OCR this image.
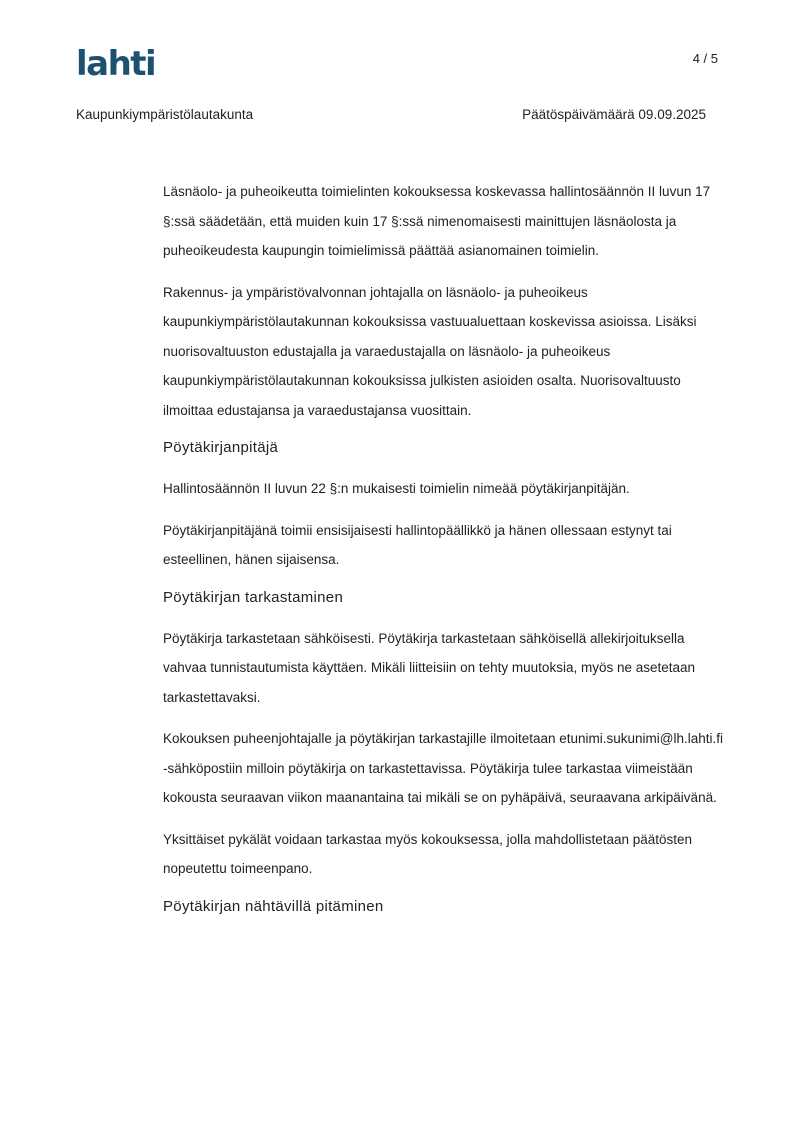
lahti	4 / 5
Kaupunkiympäristölautakunta	Päätöspäivämäärä 09.09.2025

Läsnäolo- ja puheoikeutta toimielinten kokouksessa koskevassa hallintosäännön II luvun 17 §:ssä säädetään, että muiden kuin 17 §:ssä nimenomaisesti mainittujen läsnäolosta ja puheoikeudesta kaupungin toimielimissä päättää asianomainen toimielin.

Rakennus- ja ympäristövalvonnan johtajalla on läsnäolo- ja puheoikeus kaupunkiympäristölautakunnan kokouksissa vastuualuettaan koskevissa asioissa. Lisäksi nuorisovaltuuston edustajalla ja varaedustajalla on läsnäolo- ja puheoikeus kaupunkiympäristölautakunnan kokouksissa julkisten asioiden osalta. Nuorisovaltuusto ilmoittaa edustajansa ja varaedustajansa vuosittain.

Pöytäkirjanpitäjä

Hallintosäännön II luvun 22 §:n mukaisesti toimielin nimeää pöytäkirjanpitäjän.

Pöytäkirjanpitäjänä toimii ensisijaisesti hallintopäällikkö ja hänen ollessaan estynyt tai esteellinen, hänen sijaisensa.

Pöytäkirjan tarkastaminen

Pöytäkirja tarkastetaan sähköisesti. Pöytäkirja tarkastetaan sähköisellä allekirjoituksella vahvaa tunnistautumista käyttäen. Mikäli liitteisiin on tehty muutoksia, myös ne asetetaan tarkastettavaksi.

Kokouksen puheenjohtajalle ja pöytäkirjan tarkastajille ilmoitetaan etunimi.sukunimi@lh.lahti.fi -sähköpostiin milloin pöytäkirja on tarkastettavissa. Pöytäkirja tulee tarkastaa viimeistään kokousta seuraavan viikon maanantaina tai mikäli se on pyhäpäivä, seuraavana arkipäivänä.

Yksittäiset pykälät voidaan tarkastaa myös kokouksessa, jolla mahdollistetaan päätösten nopeutettu toimeenpano.

Pöytäkirjan nähtävillä pitäminen
